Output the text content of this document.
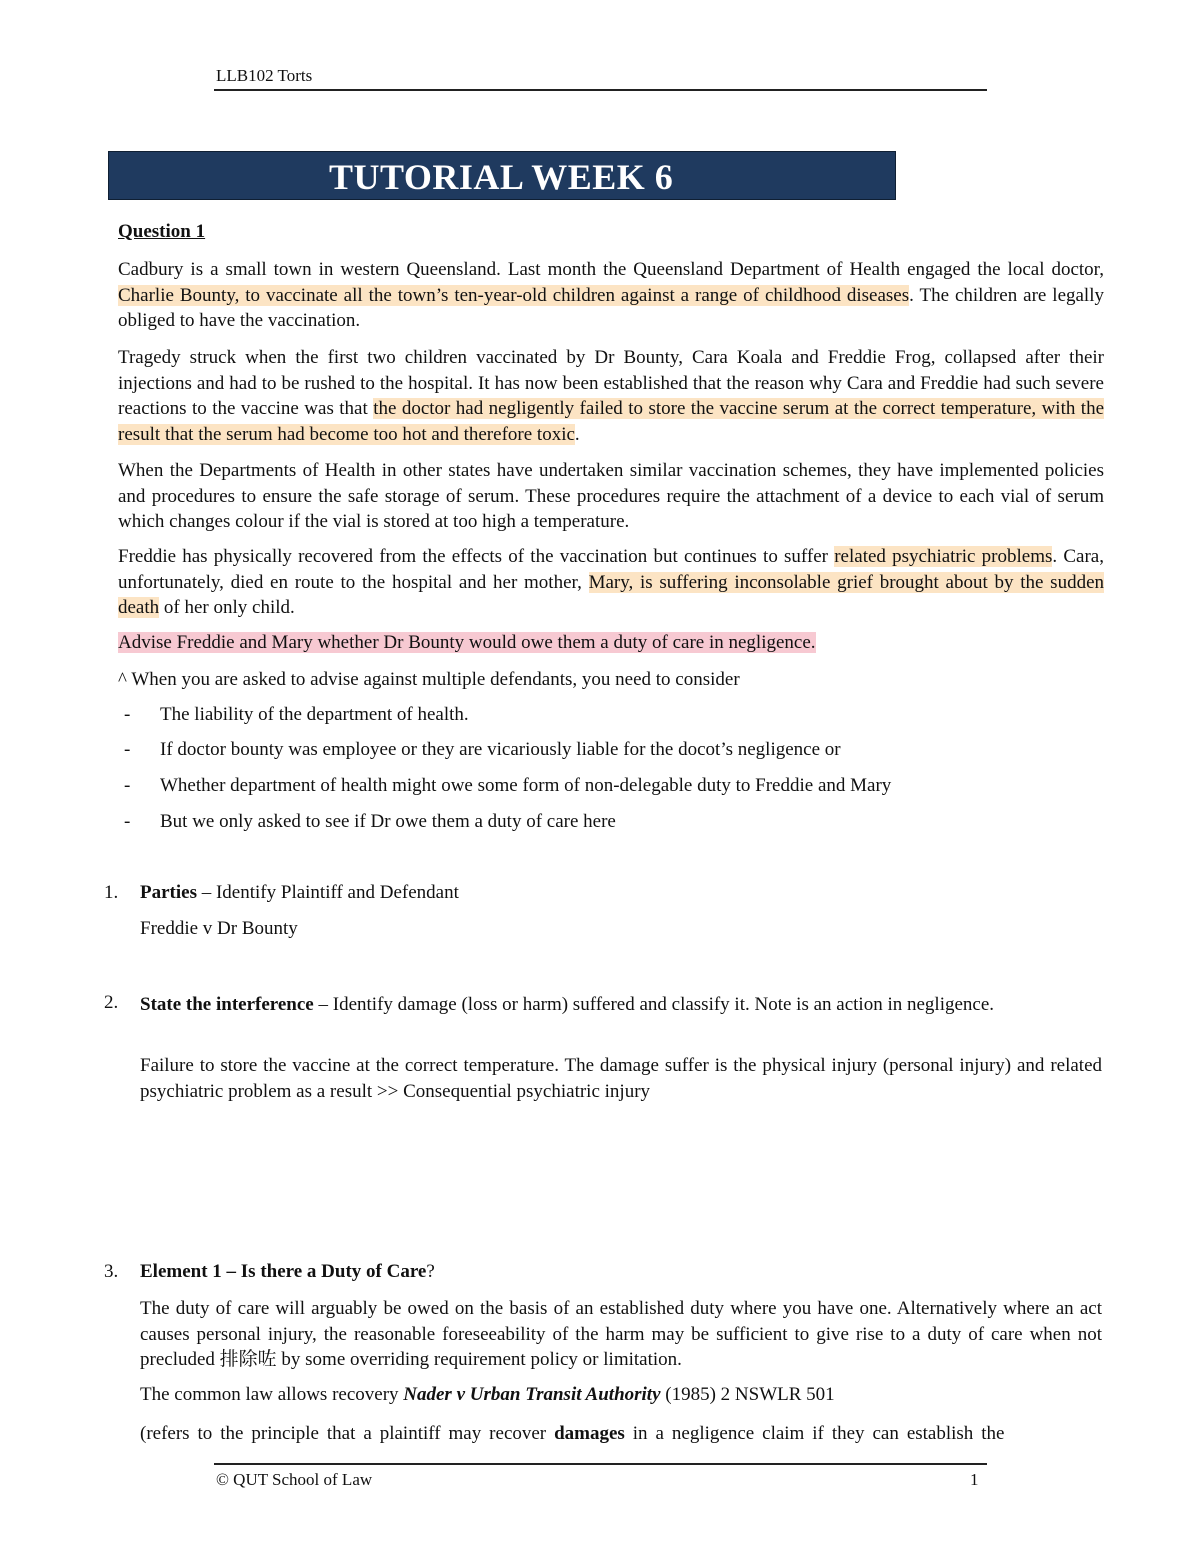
LLB102 Torts
TUTORIAL WEEK 6
Question 1
Cadbury is a small town in western Queensland. Last month the Queensland Department of Health engaged the local doctor, Charlie Bounty, to vaccinate all the town’s ten-year-old children against a range of childhood diseases. The children are legally obliged to have the vaccination.
Tragedy struck when the first two children vaccinated by Dr Bounty, Cara Koala and Freddie Frog, collapsed after their injections and had to be rushed to the hospital. It has now been established that the reason why Cara and Freddie had such severe reactions to the vaccine was that the doctor had negligently failed to store the vaccine serum at the correct temperature, with the result that the serum had become too hot and therefore toxic.
When the Departments of Health in other states have undertaken similar vaccination schemes, they have implemented policies and procedures to ensure the safe storage of serum. These procedures require the attachment of a device to each vial of serum which changes colour if the vial is stored at too high a temperature.
Freddie has physically recovered from the effects of the vaccination but continues to suffer related psychiatric problems. Cara, unfortunately, died en route to the hospital and her mother, Mary, is suffering inconsolable grief brought about by the sudden death of her only child.
Advise Freddie and Mary whether Dr Bounty would owe them a duty of care in negligence.
^ When you are asked to advise against multiple defendants, you need to consider
- The liability of the department of health.
- If doctor bounty was employee or they are vicariously liable for the docot’s negligence or
- Whether department of health might owe some form of non-delegable duty to Freddie and Mary
- But we only asked to see if Dr owe them a duty of care here
1. Parties – Identify Plaintiff and Defendant
Freddie v Dr Bounty
2. State the interference – Identify damage (loss or harm) suffered and classify it. Note is an action in negligence.
Failure to store the vaccine at the correct temperature. The damage suffer is the physical injury (personal injury) and related psychiatric problem as a result >> Consequential psychiatric injury
3. Element 1 – Is there a Duty of Care?
The duty of care will arguably be owed on the basis of an established duty where you have one. Alternatively where an act causes personal injury, the reasonable foreseeability of the harm may be sufficient to give rise to a duty of care when not precluded 排除咗 by some overriding requirement policy or limitation.
The common law allows recovery Nader v Urban Transit Authority (1985) 2 NSWLR 501
(refers to the principle that a plaintiff may recover damages in a negligence claim if they can establish the
© QUT School of Law	1
